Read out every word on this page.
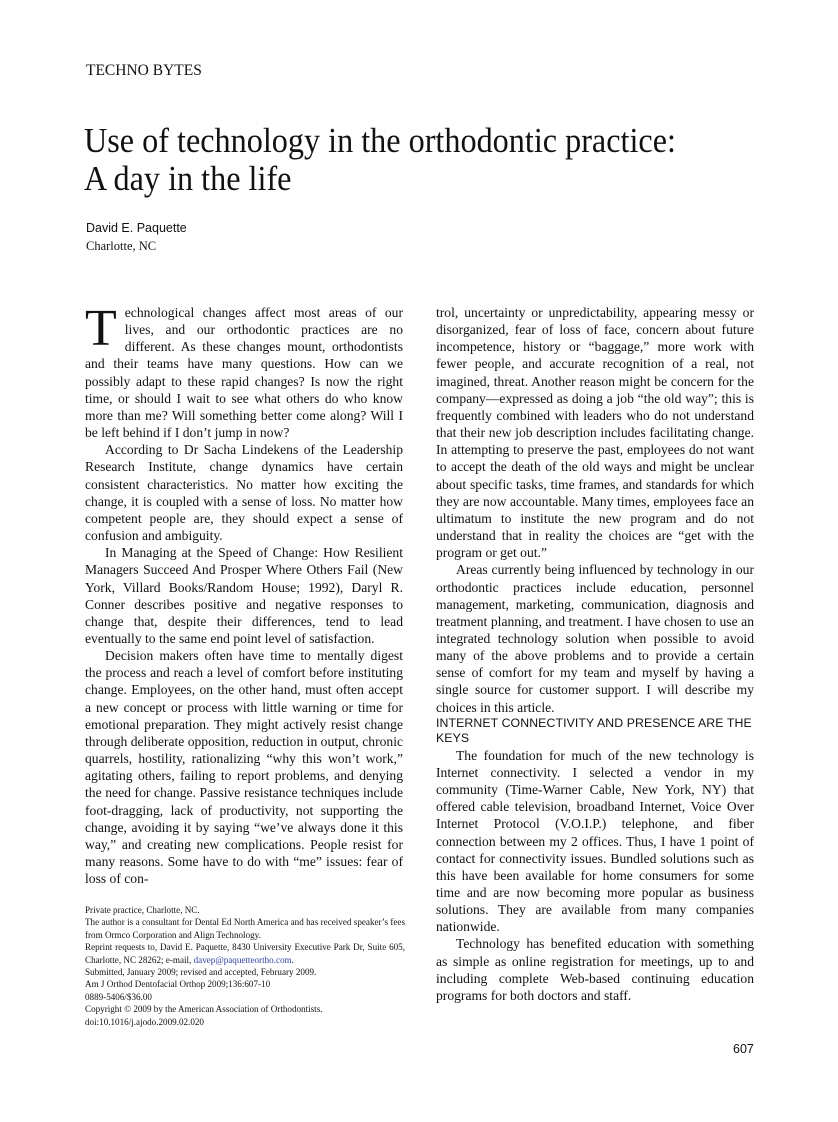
TECHNO BYTES
Use of technology in the orthodontic practice:
A day in the life
David E. Paquette
Charlotte, NC

Technological changes affect most areas of our lives, and our orthodontic practices are no different. As these changes mount, orthodontists and their teams have many questions. How can we possibly adapt to these rapid changes? Is now the right time, or should I wait to see what others do who know more than me? Will something better come along? Will I be left behind if I don’t jump in now?

According to Dr Sacha Lindekens of the Leadership Research Institute, change dynamics have certain consistent characteristics. No matter how exciting the change, it is coupled with a sense of loss. No matter how competent people are, they should expect a sense of confusion and ambiguity.

In Managing at the Speed of Change: How Resilient Managers Succeed And Prosper Where Others Fail (New York, Villard Books/Random House; 1992), Daryl R. Conner describes positive and negative responses to change that, despite their differences, tend to lead eventually to the same end point level of satisfaction.

Decision makers often have time to mentally digest the process and reach a level of comfort before instituting change. Employees, on the other hand, must often accept a new concept or process with little warning or time for emotional preparation. They might actively resist change through deliberate opposition, reduction in output, chronic quarrels, hostility, rationalizing “why this won’t work,” agitating others, failing to report problems, and denying the need for change. Passive resistance techniques include foot-dragging, lack of productivity, not supporting the change, avoiding it by saying “we’ve always done it this way,” and creating new complications. People resist for many reasons. Some have to do with “me” issues: fear of loss of con-

Private practice, Charlotte, NC.
The author is a consultant for Dental Ed North America and has received speaker’s fees from Ormco Corporation and Align Technology.
Reprint requests to, David E. Paquette, 8430 University Executive Park Dr, Suite 605, Charlotte, NC 28262; e-mail, davep@paquetteortho.com.
Submitted, January 2009; revised and accepted, February 2009.
Am J Orthod Dentofacial Orthop 2009;136:607-10
0889-5406/$36.00
Copyright © 2009 by the American Association of Orthodontists.
doi:10.1016/j.ajodo.2009.02.020

trol, uncertainty or unpredictability, appearing messy or disorganized, fear of loss of face, concern about future incompetence, history or “baggage,” more work with fewer people, and accurate recognition of a real, not imagined, threat. Another reason might be concern for the company—expressed as doing a job “the old way”; this is frequently combined with leaders who do not understand that their new job description includes facilitating change. In attempting to preserve the past, employees do not want to accept the death of the old ways and might be unclear about specific tasks, time frames, and standards for which they are now accountable. Many times, employees face an ultimatum to institute the new program and do not understand that in reality the choices are “get with the program or get out.”

Areas currently being influenced by technology in our orthodontic practices include education, personnel management, marketing, communication, diagnosis and treatment planning, and treatment. I have chosen to use an integrated technology solution when possible to avoid many of the above problems and to provide a certain sense of comfort for my team and myself by having a single source for customer support. I will describe my choices in this article.

INTERNET CONNECTIVITY AND PRESENCE ARE THE KEYS

The foundation for much of the new technology is Internet connectivity. I selected a vendor in my community (Time-Warner Cable, New York, NY) that offered cable television, broadband Internet, Voice Over Internet Protocol (V.O.I.P.) telephone, and fiber connection between my 2 offices. Thus, I have 1 point of contact for connectivity issues. Bundled solutions such as this have been available for home consumers for some time and are now becoming more popular as business solutions. They are available from many companies nationwide.

Technology has benefited education with something as simple as online registration for meetings, up to and including complete Web-based continuing education programs for both doctors and staff.

607
